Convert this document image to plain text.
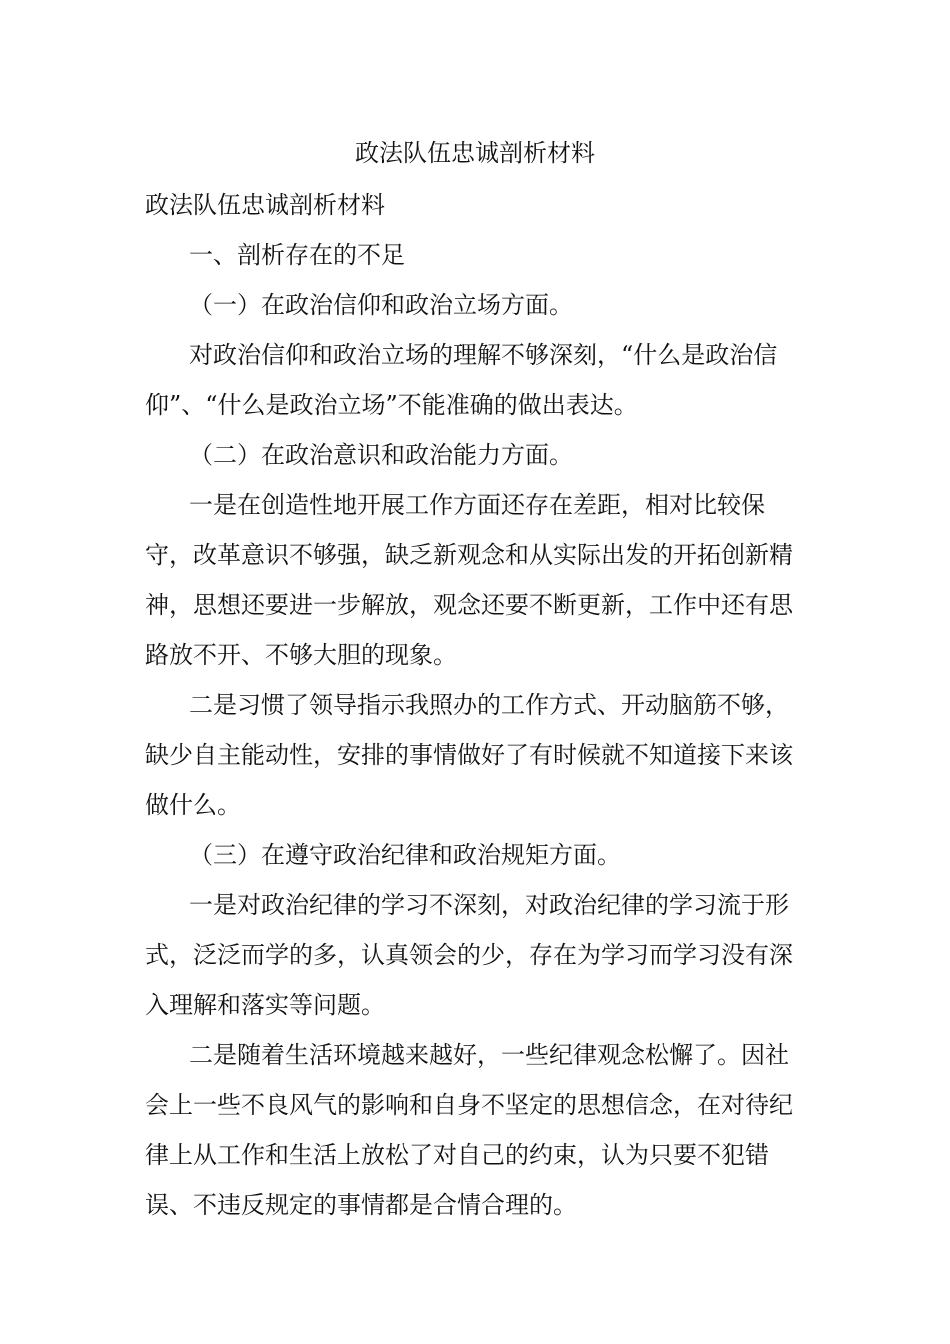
政法队伍忠诚剖析材料

政法队伍忠诚剖析材料

一、剖析存在的不足

（一）在政治信仰和政治立场方面。

对政治信仰和政治立场的理解不够深刻，“什么是政治信仰”、“什么是政治立场”不能准确的做出表达。

（二）在政治意识和政治能力方面。

一是在创造性地开展工作方面还存在差距，相对比较保守，改革意识不够强，缺乏新观念和从实际出发的开拓创新精神，思想还要进一步解放，观念还要不断更新，工作中还有思路放不开、不够大胆的现象。

二是习惯了领导指示我照办的工作方式、开动脑筋不够，缺少自主能动性，安排的事情做好了有时候就不知道接下来该做什么。

（三）在遵守政治纪律和政治规矩方面。

一是对政治纪律的学习不深刻，对政治纪律的学习流于形式，泛泛而学的多，认真领会的少，存在为学习而学习没有深入理解和落实等问题。

二是随着生活环境越来越好，一些纪律观念松懈了。因社会上一些不良风气的影响和自身不坚定的思想信念，在对待纪律上从工作和生活上放松了对自己的约束，认为只要不犯错误、不违反规定的事情都是合情合理的。
